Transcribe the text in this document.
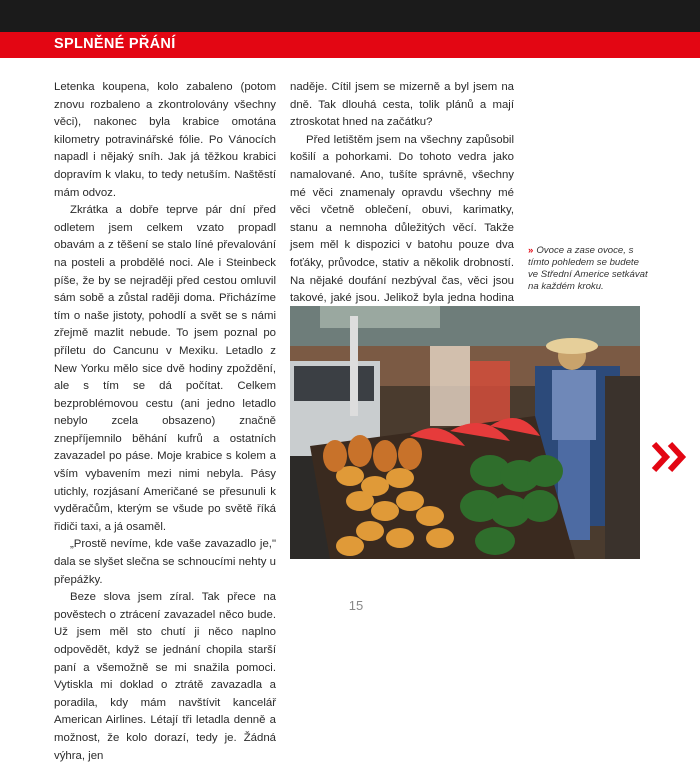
SPLNĚNÉ PŘÁNÍ

Letenka koupena, kolo zabaleno (potom znovu rozbaleno a zkontrolovány všechny věci), nakonec byla krabice omotána kilometry potravinářské fólie. Po Vánocích napadl i nějaký sníh. Jak já těžkou krabici dopravím k vlaku, to tedy netuším. Naštěstí mám odvoz.

Zkrátka a dobře teprve pár dní před odletem jsem celkem vzato propadl obavám a z těšení se stalo líné převalování na posteli a probdělé noci. Ale i Steinbeck píše, že by se nejraději před cestou omluvil sám sobě a zůstal raději doma. Přicházíme tím o naše jistoty, pohodlí a svět se s námi zřejmě mazlit nebude. To jsem poznal po příletu do Cancunu v Mexiku. Letadlo z New Yorku mělo sice dvě hodiny zpoždění, ale s tím se dá počítat. Celkem bezproblémovou cestu (ani jedno letadlo nebylo zcela obsazeno) značně znepříjemnilo běhání kufrů a ostatních zavazadel po páse. Moje krabice s kolem a vším vybavením mezi nimi nebyla. Pásy utichly, rozjásaní Američané se přesunuli k vyděračům, kterým se všude po světě říká řidiči taxi, a já osaměl.

„Prostě nevíme, kde vaše zavazadlo je," dala se slyšet slečna se schnoucími nehty u přepážky.

Beze slova jsem zíral. Tak přece na pověstech o ztrácení zavazadel něco bude. Už jsem měl sto chutí ji něco naplno odpovědět, když se jednání chopila starší paní a všemožně se mi snažila pomoci. Vytiskla mi doklad o ztrátě zavazadla a poradila, kdy mám navštívit kancelář American Airlines. Létají tři letadla denně a možnost, že kolo dorazí, tedy je. Žádná výhra, jen

naděje. Cítil jsem se mizerně a byl jsem na dně. Tak dlouhá cesta, tolik plánů a mají ztroskotat hned na začátku?

Před letištěm jsem na všechny zapůsobil košilí a pohorkami. Do tohoto vedra jako namalované. Ano, tušíte správně, všechny mé věci znamenaly opravdu všechny mé věci včetně oblečení, obuvi, karimatky, stanu a nemnoha důležitých věcí. Takže jsem měl k dispozici v batohu pouze dva foťáky, průvodce, stativ a několik drobností. Na nějaké doufání nezbýval čas, věci jsou takové, jaké jsou. Jelikož byla jedna hodina

» Ovoce a zase ovoce, s tímto pohledem se budete ve Střední Americe setkávat na každém kroku.
15
